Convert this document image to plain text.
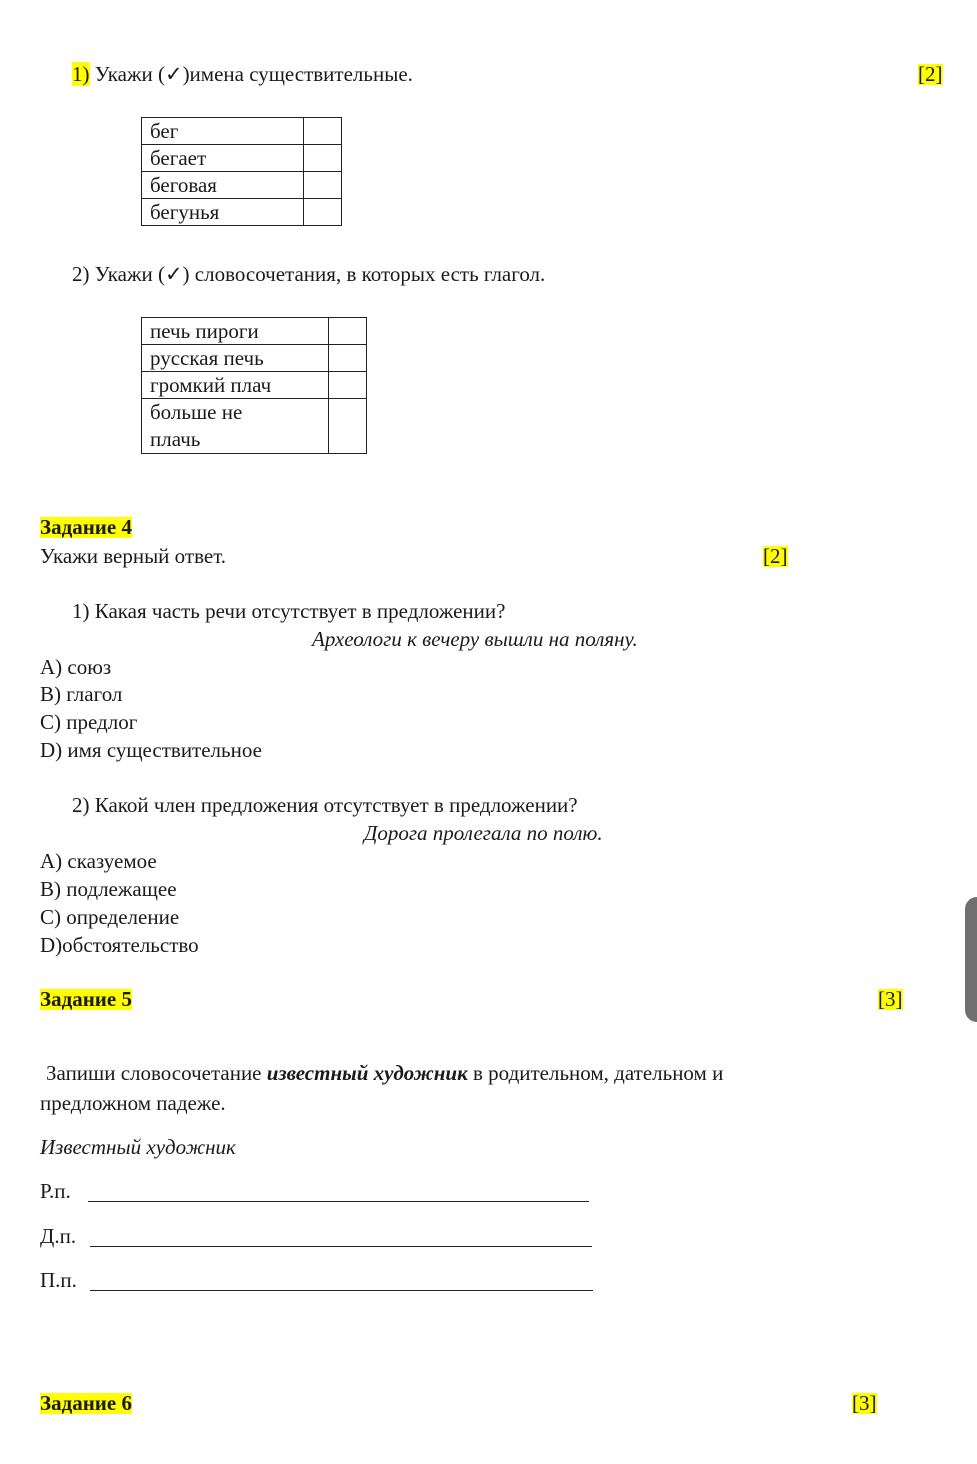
1) Укажи (✓)имена существительные.	[2]
бег	
бегает	
беговая	
бегунья	
2) Укажи (✓) словосочетания, в которых есть глагол.
печь пироги	
русская печь	
громкий плач	
больше не
плачь	
Задание 4
Укажи верный ответ.	[2]
1) Какая часть речи отсутствует в предложении?
Археологи к вечеру вышли на поляну.
A) союз
B) глагол
C) предлог
D) имя существительное
2) Какой член предложения отсутствует в предложении?
Дорога пролегала по полю.
A) сказуемое
B) подлежащее
C) определение
D)обстоятельство
Задание 5	[3]
Запиши словосочетание известный художник в родительном, дательном и
предложном падеже.
Известный художник
Р.п.
Д.п.
П.п.
Задание 6	[3]
